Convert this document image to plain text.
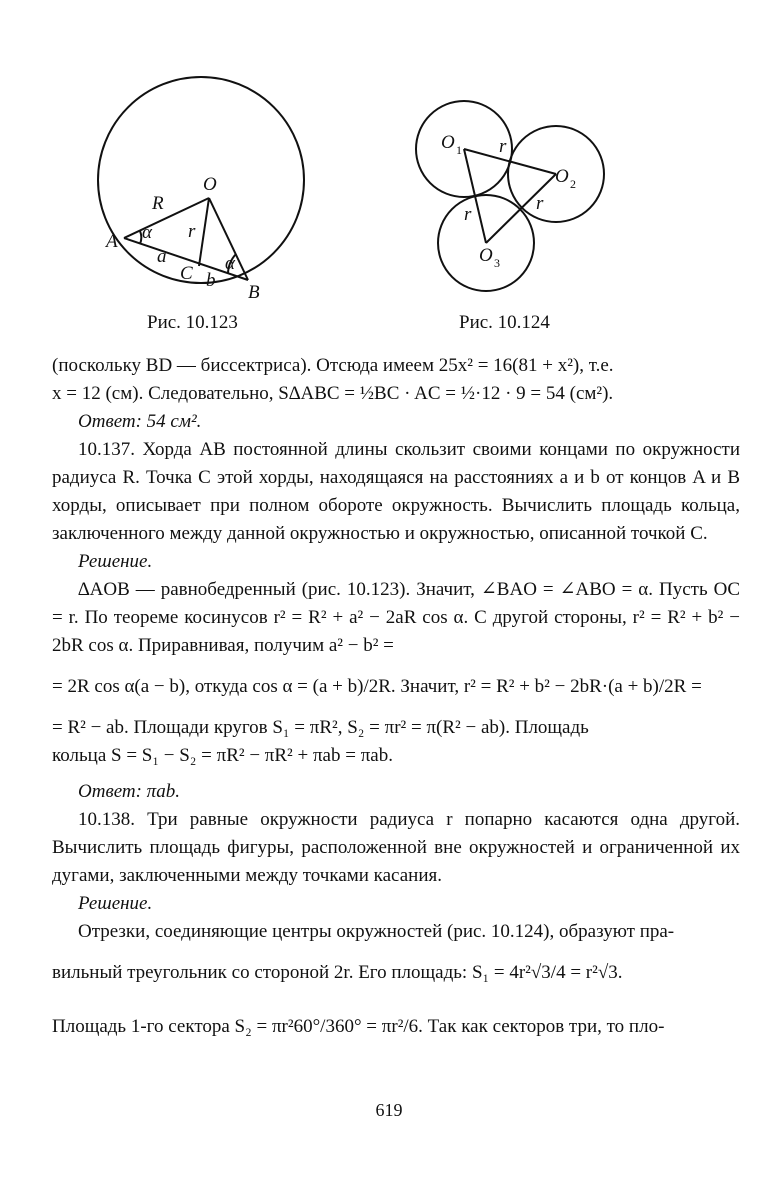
O
R
r
A α
α
a
C b
B
O 1 r
O 2
r
r
O 3
Рис. 10.123	Рис. 10.124

(поскольку BD — биссектриса). Отсюда имеем 25x² = 16(81 + x²), т.е.

x = 12 (см). Следовательно, S∆ABC = ½BC · AC = ½·12 · 9 = 54 (см²).

Ответ: 54 см².

10.137. Хорда AB постоянной длины скользит своими концами по окружности радиуса R. Точка C этой хорды, находящаяся на расстояниях a и b от концов A и B хорды, описывает при полном обороте окружность. Вычислить площадь кольца, заключенного между данной окружностью и окружностью, описанной точкой C.

Решение.

∆AOB — равнобедренный (рис. 10.123). Значит, ∠BAO = ∠ABO = α. Пусть OC = r. По теореме косинусов r² = R² + a² − 2aR cos α. С другой стороны, r² = R² + b² − 2bR cos α. Приравнивая, получим a² − b² =

= 2R cos α(a − b), откуда cos α = (a + b)/2R. Значит, r² = R² + b² − 2bR·(a + b)/2R =

= R² − ab. Площади кругов S₁ = πR², S₂ = πr² = π(R² − ab). Площадь

кольца S = S₁ − S₂ = πR² − πR² + πab = πab.

Ответ: πab.

10.138. Три равные окружности радиуса r попарно касаются одна другой. Вычислить площадь фигуры, расположенной вне окружностей и ограниченной их дугами, заключенными между точками касания.

Решение.

Отрезки, соединяющие центры окружностей (рис. 10.124), образуют пра-

вильный треугольник со стороной 2r. Его площадь: S₁ = 4r²√3/4 = r²√3.

Площадь 1-го сектора S₂ = πr²60°/360° = πr²/6. Так как секторов три, то пло-

619
